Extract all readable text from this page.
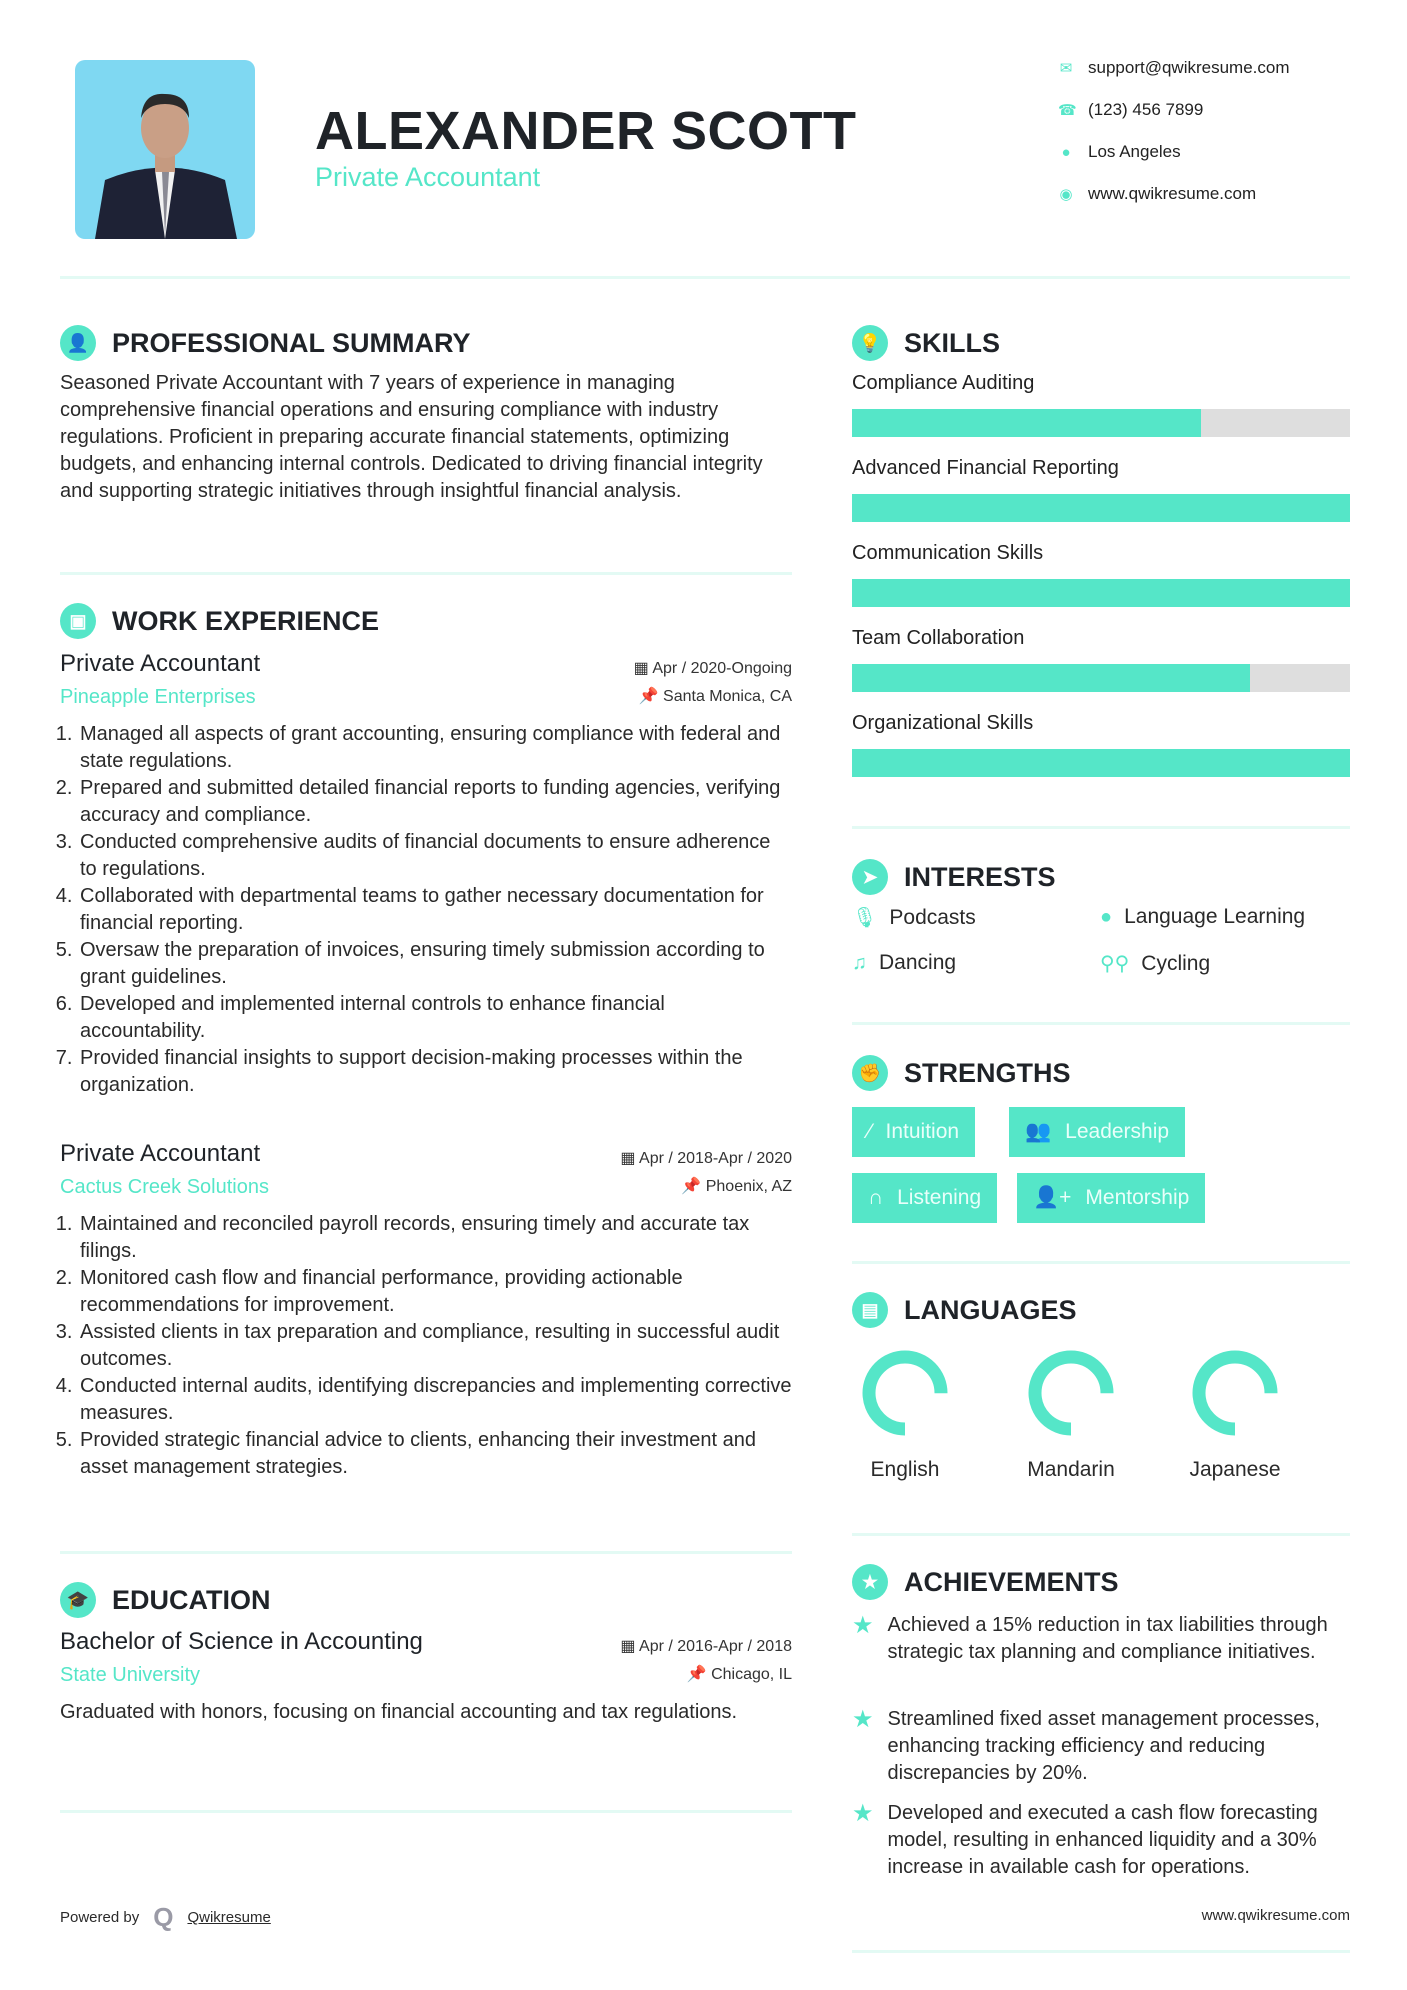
ALEXANDER SCOTT
Private Accountant
✉ support@qwikresume.com
☎ (123) 456 7899
● Los Angeles
◉ www.qwikresume.com
👤 PROFESSIONAL SUMMARY
Seasoned Private Accountant with 7 years of experience in managing comprehensive financial operations and ensuring compliance with industry regulations. Proficient in preparing accurate financial statements, optimizing budgets, and enhancing internal controls. Dedicated to driving financial integrity and supporting strategic initiatives through insightful financial analysis.
▣ WORK EXPERIENCE
Private Accountant	▦ Apr / 2020-Ongoing
Pineapple Enterprises	📌 Santa Monica, CA
1. Managed all aspects of grant accounting, ensuring compliance with federal and state regulations.
2. Prepared and submitted detailed financial reports to funding agencies, verifying accuracy and compliance.
3. Conducted comprehensive audits of financial documents to ensure adherence to regulations.
4. Collaborated with departmental teams to gather necessary documentation for financial reporting.
5. Oversaw the preparation of invoices, ensuring timely submission according to grant guidelines.
6. Developed and implemented internal controls to enhance financial accountability.
7. Provided financial insights to support decision-making processes within the organization.
Private Accountant	▦ Apr / 2018-Apr / 2020
Cactus Creek Solutions	📌 Phoenix, AZ
1. Maintained and reconciled payroll records, ensuring timely and accurate tax filings.
2. Monitored cash flow and financial performance, providing actionable recommendations for improvement.
3. Assisted clients in tax preparation and compliance, resulting in successful audit outcomes.
4. Conducted internal audits, identifying discrepancies and implementing corrective measures.
5. Provided strategic financial advice to clients, enhancing their investment and asset management strategies.
🎓 EDUCATION
Bachelor of Science in Accounting	▦ Apr / 2016-Apr / 2018
State University	📌 Chicago, IL
Graduated with honors, focusing on financial accounting and tax regulations.
Powered by Q Qwikresume
💡 SKILLS
Compliance Auditing
Advanced Financial Reporting
Communication Skills
Team Collaboration
Organizational Skills
➤ INTERESTS
🎙 Podcasts	● Language Learning
♫ Dancing	⚲⚲ Cycling
✊ STRENGTHS
⁄ Intuition	👥 Leadership
∩ Listening 👤+ Mentorship
▤ LANGUAGES
English	Mandarin	Japanese
★ ACHIEVEMENTS
★ Achieved a 15% reduction in tax liabilities through strategic tax planning and compliance initiatives.
★ Streamlined fixed asset management processes, enhancing tracking efficiency and reducing discrepancies by 20%.
★ Developed and executed a cash flow forecasting model, resulting in enhanced liquidity and a 30% increase in available cash for operations.
www.qwikresume.com
